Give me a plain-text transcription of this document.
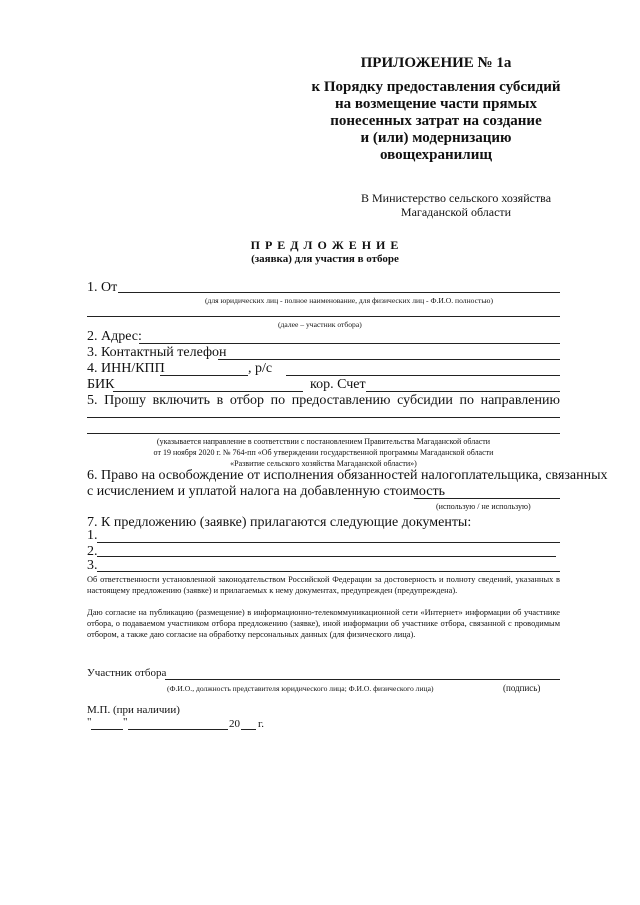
ПРИЛОЖЕНИЕ № 1а
к Порядку предоставления субсидий
на возмещение части прямых
понесенных затрат на создание
и (или) модернизацию
овощехранилищ
В Министерство сельского хозяйства
Магаданской области
П Р Е Д Л О Ж Е Н И Е
(заявка) для участия в отборе
1. От
(для юридических лиц - полное наименование, для физических лиц - Ф.И.О. полностью)
(далее – участник отбора)
2. Адрес:
3. Контактный телефон
4. ИНН/КПП	, р/с
БИК	кор. Счет
5. Прошу включить в отбор по предоставлению субсидии по направлению
(указывается направление в соответствии с постановлением Правительства Магаданской области
от 19 ноября 2020 г. № 764-пп «Об утверждении государственной программы Магаданской области
«Развитие сельского хозяйства Магаданской области»)
6. Право на освобождение от исполнения обязанностей налогоплательщика, связанных
с исчислением и уплатой налога на добавленную стоимость
(использую / не использую)
7. К предложению (заявке) прилагаются следующие документы:
1.
2.
3.
Об ответственности установленной законодательством Российской Федерации за достоверность и полноту сведений, указанных в настоящему предложению (заявке) и прилагаемых к нему документах, предупрежден (предупреждена).
Даю согласие на публикацию (размещение) в информационно-телекоммуникационной сети «Интернет» информации об участнике отбора, о подаваемом участником отбора предложению (заявке), иной информации об участнике отбора, связанной с проводимым отбором, а также даю согласие на обработку персональных данных (для физического лица).
Участник отбора
(Ф.И.О., должность представителя юридического лица; Ф.И.О. физического лица)	(подпись)
М.П. (при наличии)
"	"	20 г.
